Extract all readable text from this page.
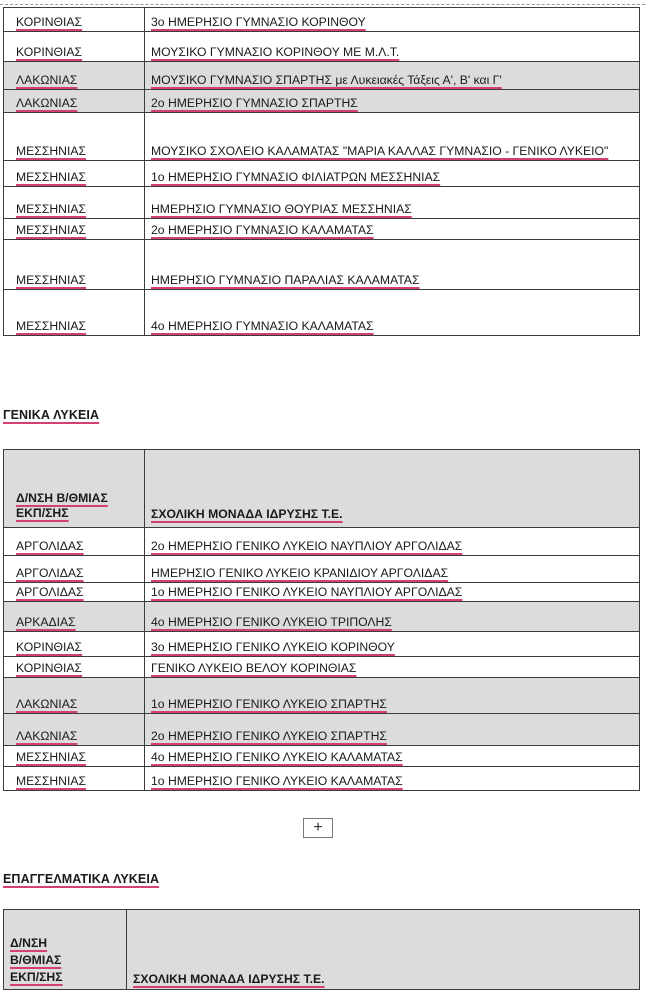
ΚΟΡΙΝΘΙΑΣ	3ο ΗΜΕΡΗΣΙΟ ΓΥΜΝΑΣΙΟ ΚΟΡΙΝΘΟΥ

ΚΟΡΙΝΘΙΑΣ	ΜΟΥΣΙΚΟ ΓΥΜΝΑΣΙΟ ΚΟΡΙΝΘΟΥ ΜΕ Μ.Λ.Τ.

ΛΑΚΩΝΙΑΣ	ΜΟΥΣΙΚΟ ΓΥΜΝΑΣΙΟ ΣΠΑΡΤΗΣ με Λυκειακές Τάξεις Α', Β' και Γ'

ΛΑΚΩΝΙΑΣ	2ο ΗΜΕΡΗΣΙΟ ΓΥΜΝΑΣΙΟ ΣΠΑΡΤΗΣ

ΜΕΣΣΗΝΙΑΣ	ΜΟΥΣΙΚΟ ΣΧΟΛΕΙΟ ΚΑΛΑΜΑΤΑΣ "ΜΑΡΙΑ ΚΑΛΛΑΣ ΓΥΜΝΑΣΙΟ - ΓΕΝΙΚΟ ΛΥΚΕΙΟ"

ΜΕΣΣΗΝΙΑΣ	1ο ΗΜΕΡΗΣΙΟ ΓΥΜΝΑΣΙΟ ΦΙΛΙΑΤΡΩΝ ΜΕΣΣΗΝΙΑΣ

ΜΕΣΣΗΝΙΑΣ	ΗΜΕΡΗΣΙΟ ΓΥΜΝΑΣΙΟ ΘΟΥΡΙΑΣ ΜΕΣΣΗΝΙΑΣ

ΜΕΣΣΗΝΙΑΣ	2ο ΗΜΕΡΗΣΙΟ ΓΥΜΝΑΣΙΟ ΚΑΛΑΜΑΤΑΣ

ΜΕΣΣΗΝΙΑΣ	ΗΜΕΡΗΣΙΟ ΓΥΜΝΑΣΙΟ ΠΑΡΑΛΙΑΣ ΚΑΛΑΜΑΤΑΣ

ΜΕΣΣΗΝΙΑΣ	4ο ΗΜΕΡΗΣΙΟ ΓΥΜΝΑΣΙΟ ΚΑΛΑΜΑΤΑΣ
ΓΕΝΙΚΑ ΛΥΚΕΙΑ
Δ/ΝΣΗ Β/ΘΜΙΑΣ ΕΚΠ/ΣΗΣ	ΣΧΟΛΙΚΗ ΜΟΝΑΔΑ ΙΔΡΥΣΗΣ Τ.Ε.

ΑΡΓΟΛΙΔΑΣ	2ο ΗΜΕΡΗΣΙΟ ΓΕΝΙΚΟ ΛΥΚΕΙΟ ΝΑΥΠΛΙΟΥ ΑΡΓΟΛΙΔΑΣ

ΑΡΓΟΛΙΔΑΣ	ΗΜΕΡΗΣΙΟ ΓΕΝΙΚΟ ΛΥΚΕΙΟ ΚΡΑΝΙΔΙΟΥ ΑΡΓΟΛΙΔΑΣ

ΑΡΓΟΛΙΔΑΣ	1ο ΗΜΕΡΗΣΙΟ ΓΕΝΙΚΟ ΛΥΚΕΙΟ ΝΑΥΠΛΙΟΥ ΑΡΓΟΛΙΔΑΣ

ΑΡΚΑΔΙΑΣ	4ο ΗΜΕΡΗΣΙΟ ΓΕΝΙΚΟ ΛΥΚΕΙΟ ΤΡΙΠΟΛΗΣ

ΚΟΡΙΝΘΙΑΣ	3ο ΗΜΕΡΗΣΙΟ ΓΕΝΙΚΟ ΛΥΚΕΙΟ ΚΟΡΙΝΘΟΥ

ΚΟΡΙΝΘΙΑΣ	ΓΕΝΙΚΟ ΛΥΚΕΙΟ ΒΕΛΟΥ ΚΟΡΙΝΘΙΑΣ

ΛΑΚΩΝΙΑΣ	1ο ΗΜΕΡΗΣΙΟ ΓΕΝΙΚΟ ΛΥΚΕΙΟ ΣΠΑΡΤΗΣ

ΛΑΚΩΝΙΑΣ	2ο ΗΜΕΡΗΣΙΟ ΓΕΝΙΚΟ ΛΥΚΕΙΟ ΣΠΑΡΤΗΣ

ΜΕΣΣΗΝΙΑΣ	4ο ΗΜΕΡΗΣΙΟ ΓΕΝΙΚΟ ΛΥΚΕΙΟ ΚΑΛΑΜΑΤΑΣ

ΜΕΣΣΗΝΙΑΣ	1ο ΗΜΕΡΗΣΙΟ ΓΕΝΙΚΟ ΛΥΚΕΙΟ ΚΑΛΑΜΑΤΑΣ
+
ΕΠΑΓΓΕΛΜΑΤΙΚΑ ΛΥΚΕΙΑ
Δ/ΝΣΗ
Β/ΘΜΙΑΣ
ΕΚΠ/ΣΗΣ	ΣΧΟΛΙΚΗ ΜΟΝΑΔΑ ΙΔΡΥΣΗΣ Τ.Ε.
